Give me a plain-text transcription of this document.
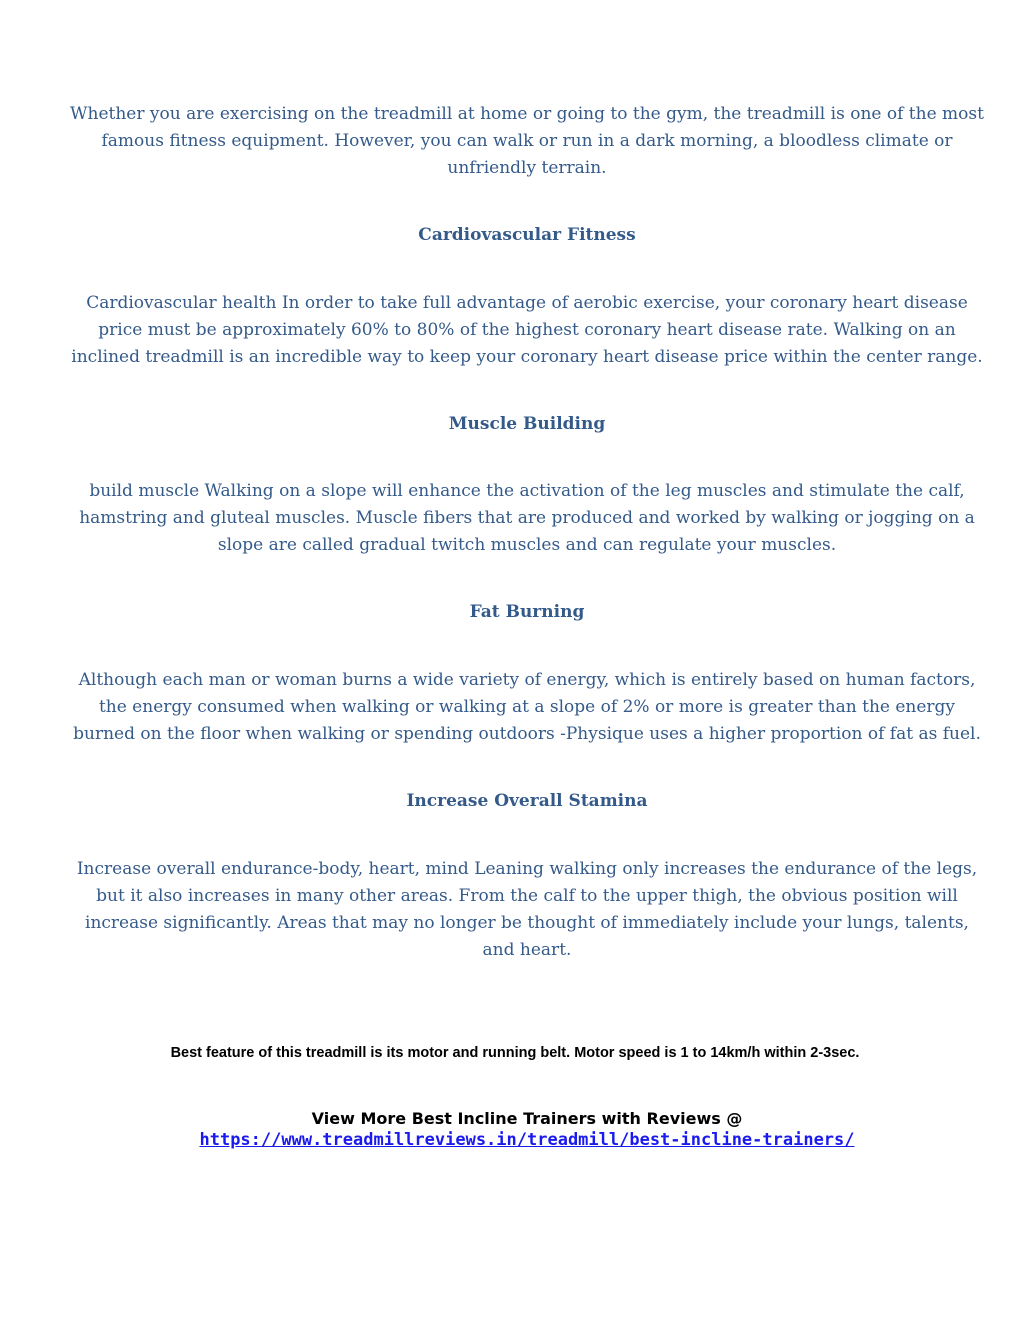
Whether you are exercising on the treadmill at home or going to the gym, the treadmill is one of the most famous fitness equipment. However, you can walk or run in a dark morning, a bloodless climate or unfriendly terrain.

Cardiovascular Fitness

Cardiovascular health In order to take full advantage of aerobic exercise, your coronary heart disease price must be approximately 60% to 80% of the highest coronary heart disease rate. Walking on an inclined treadmill is an incredible way to keep your coronary heart disease price within the center range.

Muscle Building

build muscle Walking on a slope will enhance the activation of the leg muscles and stimulate the calf, hamstring and gluteal muscles. Muscle fibers that are produced and worked by walking or jogging on a slope are called gradual twitch muscles and can regulate your muscles.

Fat Burning

Although each man or woman burns a wide variety of energy, which is entirely based on human factors, the energy consumed when walking or walking at a slope of 2% or more is greater than the energy burned on the floor when walking or spending outdoors -Physique uses a higher proportion of fat as fuel.

Increase Overall Stamina

Increase overall endurance-body, heart, mind Leaning walking only increases the endurance of the legs, but it also increases in many other areas. From the calf to the upper thigh, the obvious position will increase significantly. Areas that may no longer be thought of immediately include your lungs, talents, and heart.

Best feature of this treadmill is its motor and running belt. Motor speed is 1 to 14km/h within 2-3sec.

View More Best Incline Trainers with Reviews @
https://www.treadmillreviews.in/treadmill/best-incline-trainers/
